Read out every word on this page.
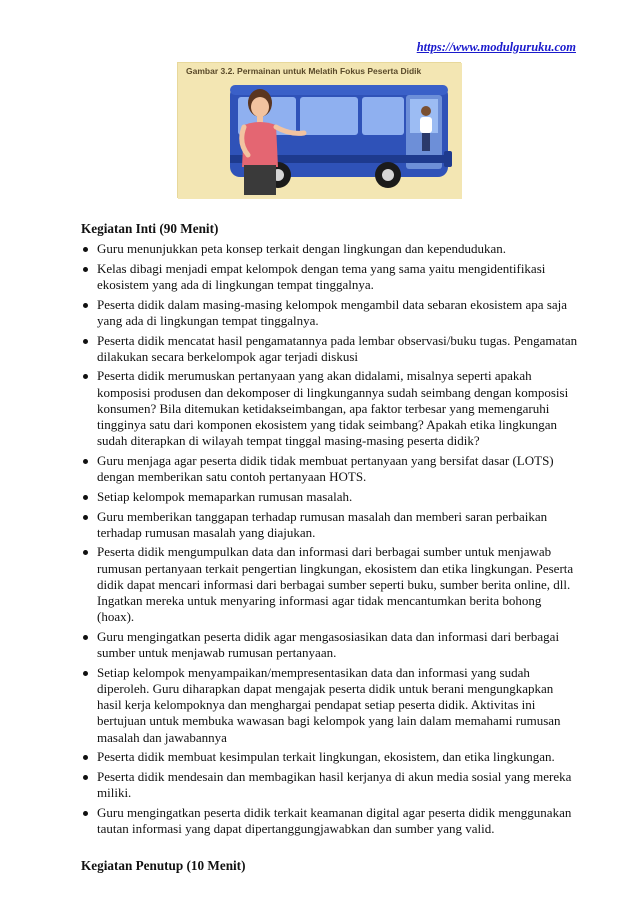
https://www.modulguruku.com
Gambar 3.2. Permainan untuk Melatih Fokus Peserta Didik

Kegiatan Inti (90 Menit)

Guru menunjukkan peta konsep terkait dengan lingkungan dan kependudukan.
Kelas dibagi menjadi empat kelompok dengan tema yang sama yaitu mengidentifikasi ekosistem yang ada di lingkungan tempat tinggalnya.
Peserta didik dalam masing-masing kelompok mengambil data sebaran ekosistem apa saja yang ada di lingkungan tempat tinggalnya.
Peserta didik mencatat hasil pengamatannya pada lembar observasi/buku tugas. Pengamatan dilakukan secara berkelompok agar terjadi diskusi
Peserta didik merumuskan pertanyaan yang akan didalami, misalnya seperti apakah komposisi produsen dan dekomposer di lingkungannya sudah seimbang dengan komposisi konsumen? Bila ditemukan ketidakseimbangan, apa faktor terbesar yang memengaruhi tingginya satu dari komponen ekosistem yang tidak seimbang? Apakah etika lingkungan sudah diterapkan di wilayah tempat tinggal masing-masing peserta didik?
Guru menjaga agar peserta didik tidak membuat pertanyaan yang bersifat dasar (LOTS) dengan memberikan satu contoh pertanyaan HOTS.
Setiap kelompok memaparkan rumusan masalah.
Guru memberikan tanggapan terhadap rumusan masalah dan memberi saran perbaikan terhadap rumusan masalah yang diajukan.
Peserta didik mengumpulkan data dan informasi dari berbagai sumber untuk menjawab rumusan pertanyaan terkait pengertian lingkungan, ekosistem dan etika lingkungan. Peserta didik dapat mencari informasi dari berbagai sumber seperti buku, sumber berita online, dll. Ingatkan mereka untuk menyaring informasi agar tidak mencantumkan berita bohong (hoax).
Guru mengingatkan peserta didik agar mengasosiasikan data dan informasi dari berbagai sumber untuk menjawab rumusan pertanyaan.
Setiap kelompok menyampaikan/mempresentasikan data dan informasi yang sudah diperoleh. Guru diharapkan dapat mengajak peserta didik untuk berani mengungkapkan hasil kerja kelompoknya dan menghargai pendapat setiap peserta didik. Aktivitas ini bertujuan untuk membuka wawasan bagi kelompok yang lain dalam memahami rumusan masalah dan jawabannya
Peserta didik membuat kesimpulan terkait lingkungan, ekosistem, dan etika lingkungan.
Peserta didik mendesain dan membagikan hasil kerjanya di akun media sosial yang mereka miliki.
Guru mengingatkan peserta didik terkait keamanan digital agar peserta didik menggunakan tautan informasi yang dapat dipertanggungjawabkan dan sumber yang valid.

Kegiatan Penutup (10 Menit)
